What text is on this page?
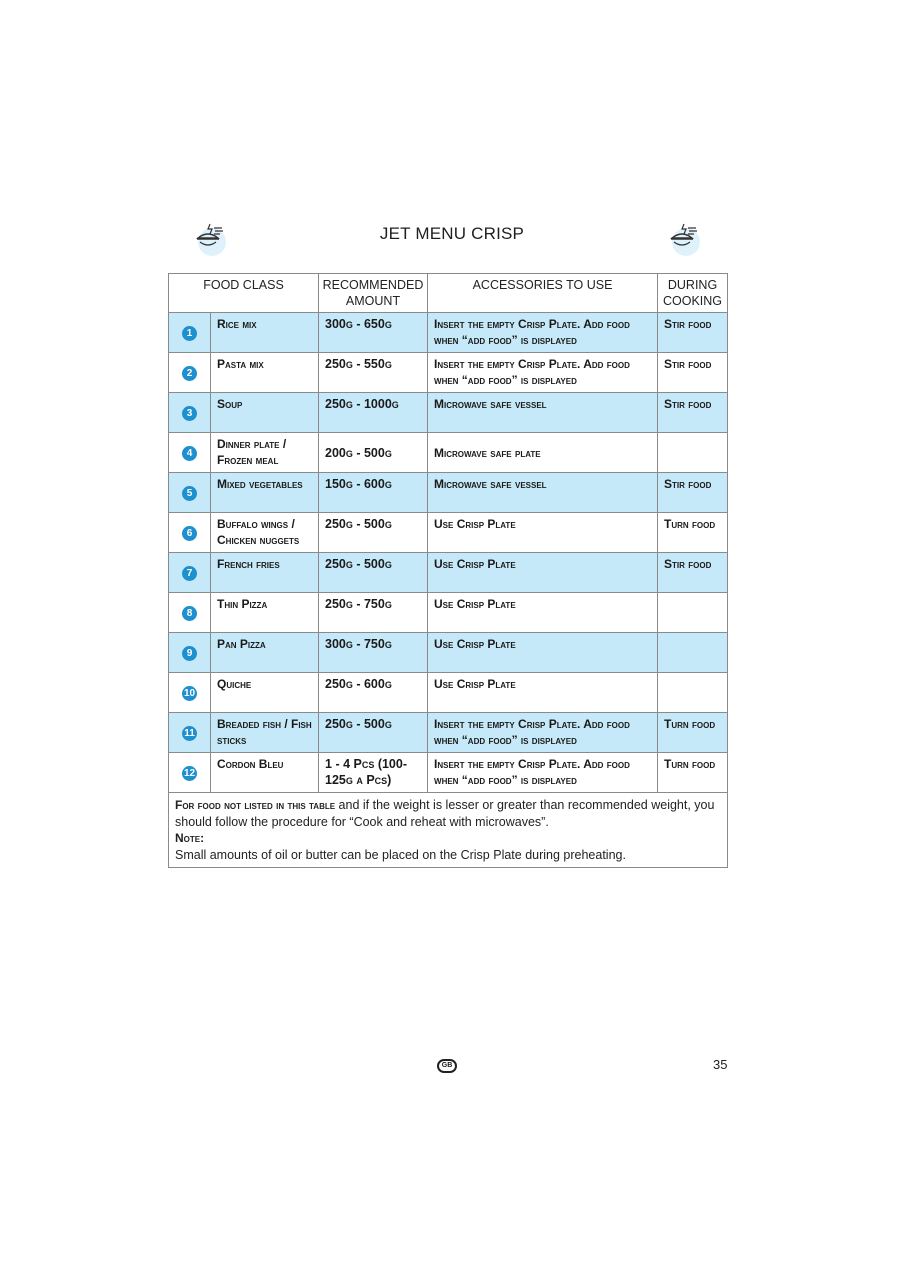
JET MENU CRISP
FOOD CLASS		RECOMMENDED AMOUNT	ACCESSORIES TO USE	DURING COOKING
1	Rice mix	300g - 650g	Insert the empty Crisp Plate. Add food when “add food” is displayed	Stir food
2	Pasta mix	250g - 550g	Insert the empty Crisp Plate. Add food when “add food” is displayed	Stir food
3	Soup	250g - 1000g	Microwave safe vessel	Stir food
4	Dinner plate / Frozen meal	200g - 500g	Microwave safe plate	
5	Mixed vegetables	150g - 600g	Microwave safe vessel	Stir food
6	Buffalo wings / Chicken nuggets	250g - 500g	Use Crisp Plate	Turn food
7	French fries	250g - 500g	Use Crisp Plate	Stir food
8	Thin Pizza	250g - 750g	Use Crisp Plate	
9	Pan Pizza	300g - 750g	Use Crisp Plate	
10	Quiche	250g - 600g	Use Crisp Plate	
11	Breaded fish / Fish sticks	250g - 500g	Insert the empty Crisp Plate. Add food when “add food” is displayed	Turn food
12	Cordon Bleu	1 - 4 Pcs (100-125g a Pcs)	Insert the empty Crisp Plate. Add food when “add food” is displayed	Turn food
For food not listed in this table and if the weight is lesser or greater than recommended weight, you should follow the procedure for “Cook and reheat with microwaves”.
Note:
Small amounts of oil or butter can be placed on the Crisp Plate during preheating.				
GB	35
